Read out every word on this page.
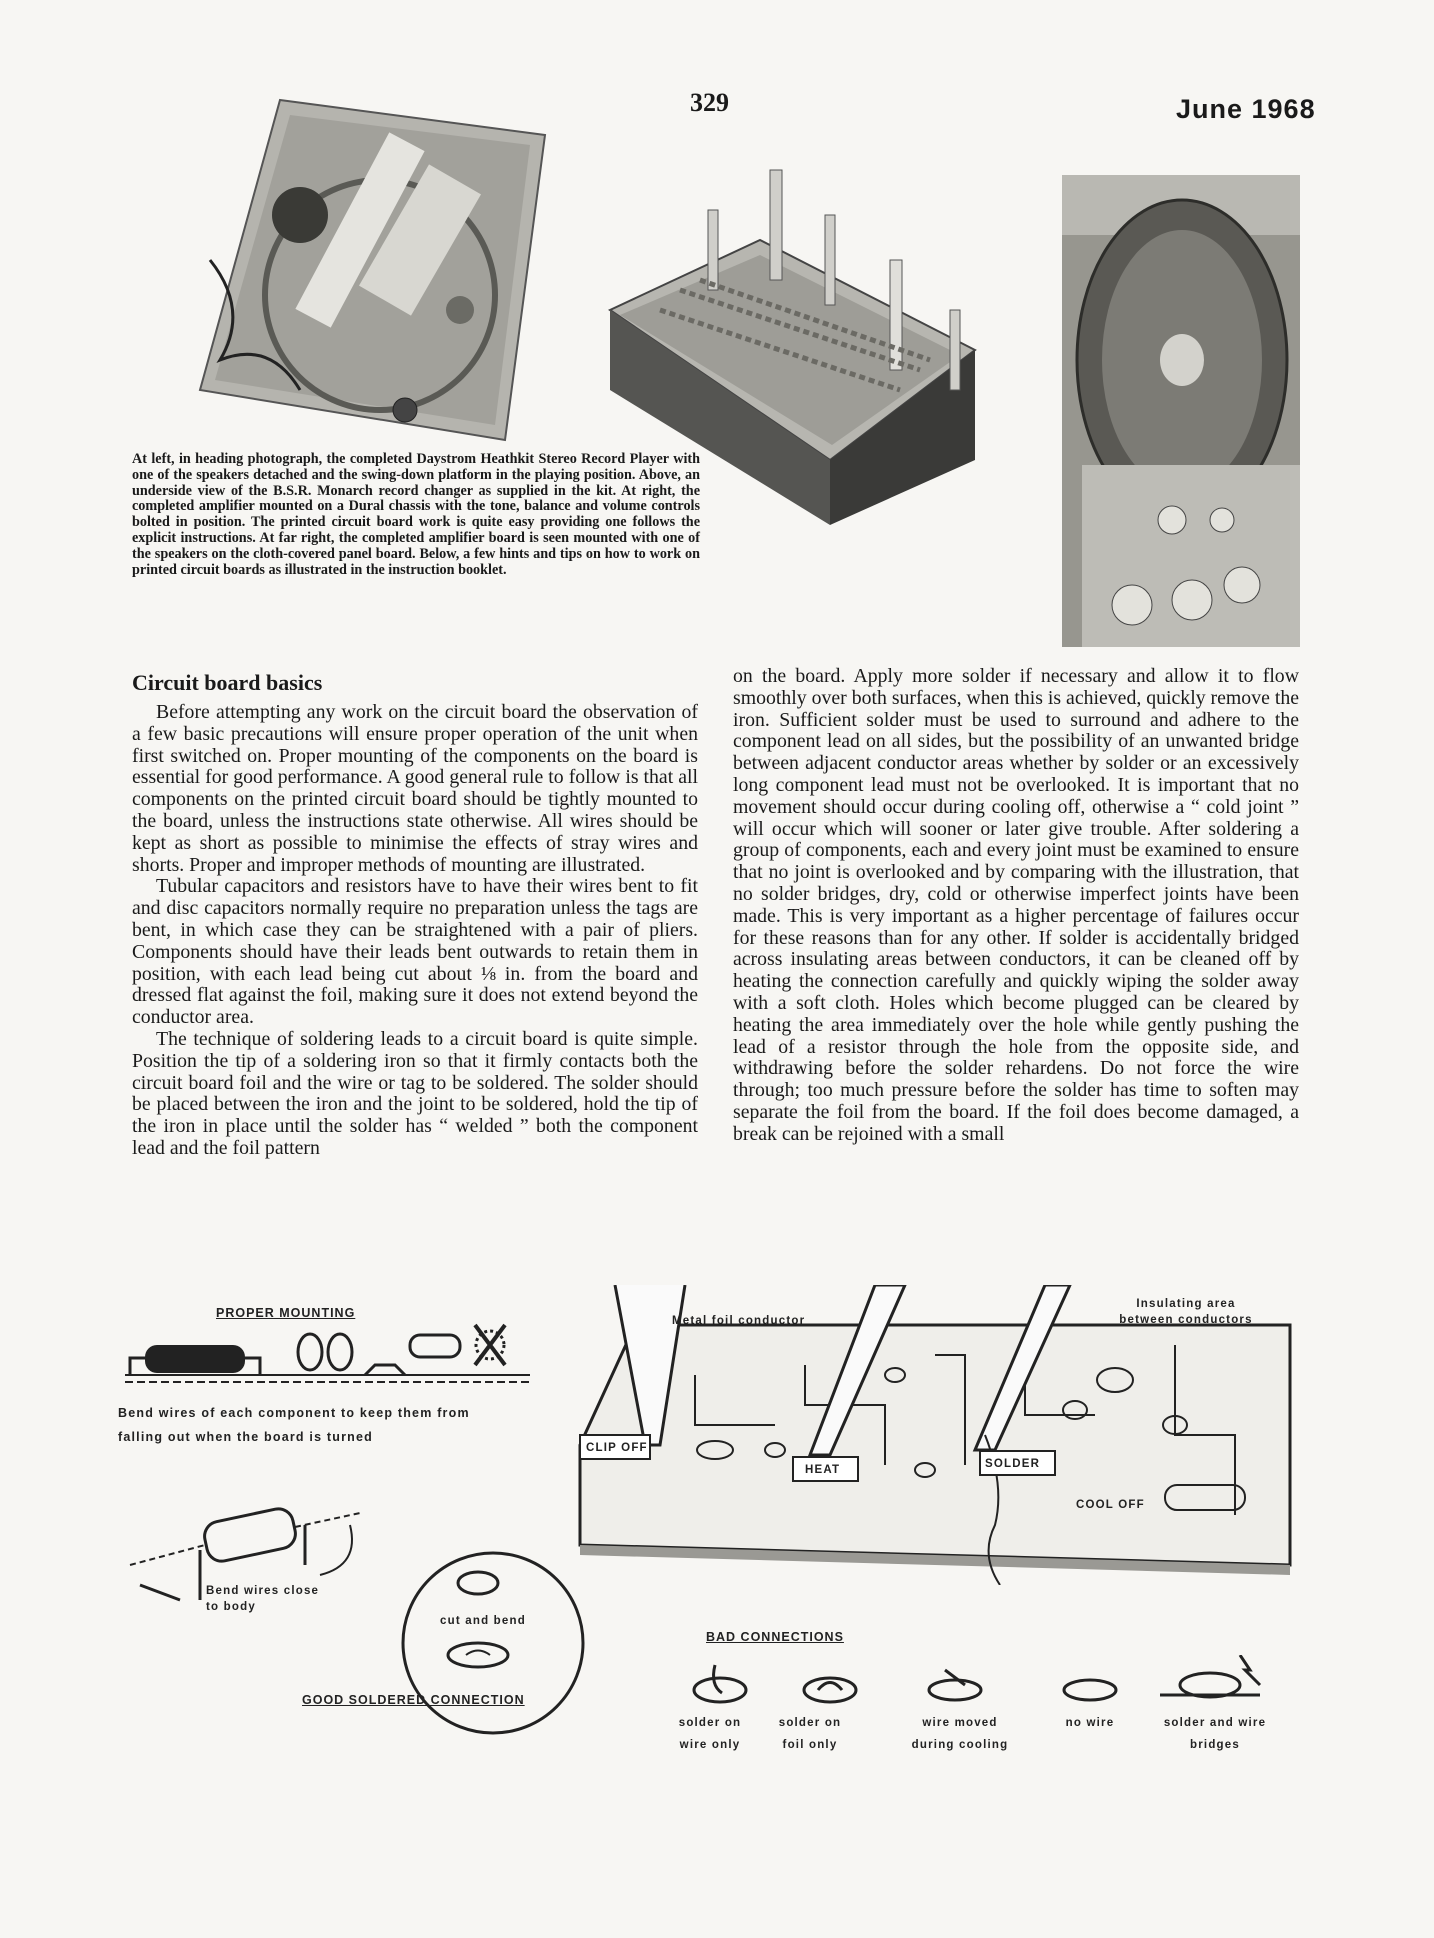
329	June 1968
At left, in heading photograph, the completed Daystrom Heathkit Stereo Record Player with one of the speakers detached and the swing-down platform in the playing position. Above, an underside view of the B.S.R. Monarch record changer as supplied in the kit. At right, the completed amplifier mounted on a Dural chassis with the tone, balance and volume controls bolted in position. The printed circuit board work is quite easy providing one follows the explicit instructions. At far right, the completed amplifier board is seen mounted with one of the speakers on the cloth-covered panel board. Below, a few hints and tips on how to work on printed circuit boards as illustrated in the instruction booklet.
Circuit board basics

Before attempting any work on the circuit board the observation of a few basic precautions will ensure proper operation of the unit when first switched on. Proper mounting of the components on the board is essential for good performance. A good general rule to follow is that all components on the printed circuit board should be tightly mounted to the board, unless the instructions state otherwise. All wires should be kept as short as possible to minimise the effects of stray wires and shorts. Proper and improper methods of mounting are illustrated.

Tubular capacitors and resistors have to have their wires bent to fit and disc capacitors normally require no preparation unless the tags are bent, in which case they can be straightened with a pair of pliers. Components should have their leads bent outwards to retain them in position, with each lead being cut about ⅛ in. from the board and dressed flat against the foil, making sure it does not extend beyond the conductor area.

The technique of soldering leads to a circuit board is quite simple. Position the tip of a soldering iron so that it firmly contacts both the circuit board foil and the wire or tag to be soldered. The solder should be placed between the iron and the joint to be soldered, hold the tip of the iron in place until the solder has “ welded ” both the component lead and the foil pattern

on the board. Apply more solder if necessary and allow it to flow smoothly over both surfaces, when this is achieved, quickly remove the iron. Sufficient solder must be used to surround and adhere to the component lead on all sides, but the possibility of an unwanted bridge between adjacent conductor areas whether by solder or an excessively long component lead must not be overlooked. It is important that no movement should occur during cooling off, otherwise a “ cold joint ” will occur which will sooner or later give trouble. After soldering a group of components, each and every joint must be examined to ensure that no joint is overlooked and by comparing with the illustration, that no solder bridges, dry, cold or otherwise imperfect joints have been made. This is very important as a higher percentage of failures occur for these reasons than for any other. If solder is accidentally bridged across insulating areas between conductors, it can be cleaned off by heating the connection carefully and quickly wiping the solder away with a soft cloth. Holes which become plugged can be cleared by heating the area immediately over the hole while gently pushing the lead of a resistor through the hole from the opposite side, and withdrawing before the solder rehardens. Do not force the wire through; too much pressure before the solder has time to soften may separate the foil from the board. If the foil does become damaged, a break can be rejoined with a small

PROPER MOUNTING
Bend wires of each component to keep them from
falling out when the board is turned
Bend wires close
to body
cut and bend
GOOD SOLDERED CONNECTION
Metal foil conductor
Insulating area
between conductors
CLIP OFF
HEAT	SOLDER
COOL OFF
BAD CONNECTIONS
solder on
wire only
solder on
foil only
wire moved
during cooling
no wire	solder and wire
bridges
